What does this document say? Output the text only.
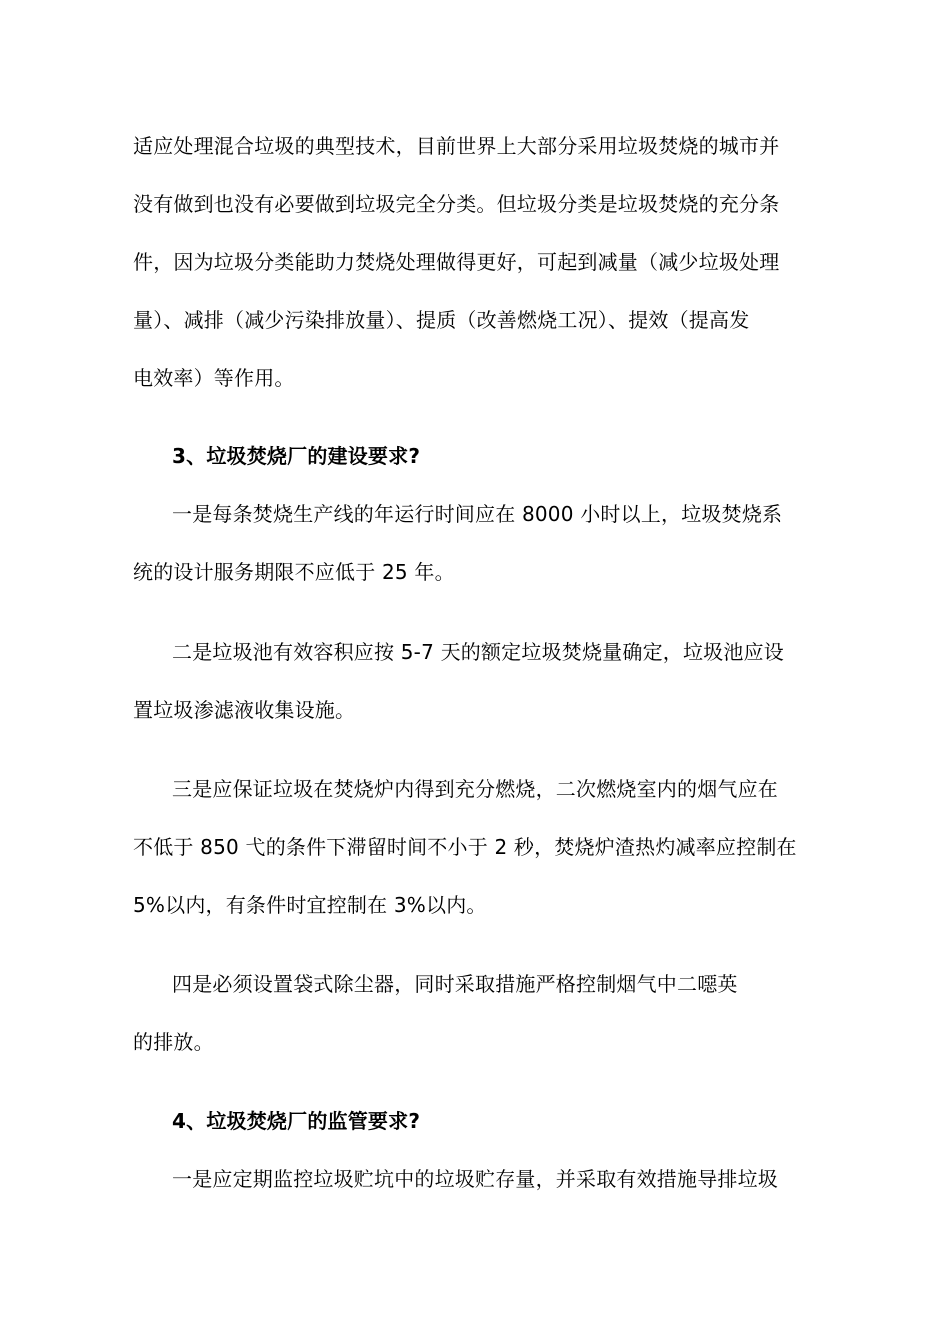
适应处理混合垃圾的典型技术，目前世界上大部分采用垃圾焚烧的城市并
没有做到也没有必要做到垃圾完全分类。但垃圾分类是垃圾焚烧的充分条
件，因为垃圾分类能助力焚烧处理做得更好，可起到减量（减少垃圾处理
量）、减排（减少污染排放量）、提质（改善燃烧工况）、提效（提高发
电效率）等作用。
3、垃圾焚烧厂的建设要求?
一是每条焚烧生产线的年运行时间应在 8000 小时以上，垃圾焚烧系
统的设计服务期限不应低于 25 年。
二是垃圾池有效容积应按 5-7 天的额定垃圾焚烧量确定，垃圾池应设
置垃圾渗滤液收集设施。
三是应保证垃圾在焚烧炉内得到充分燃烧，二次燃烧室内的烟气应在
不低于 850 弋的条件下滞留时间不小于 2 秒，焚烧炉渣热灼减率应控制在
5%以内，有条件时宜控制在 3%以内。
四是必须设置袋式除尘器，同时采取措施严格控制烟气中二噁英
的排放。
4、垃圾焚烧厂的监管要求?
一是应定期监控垃圾贮坑中的垃圾贮存量，并采取有效措施导排垃圾
